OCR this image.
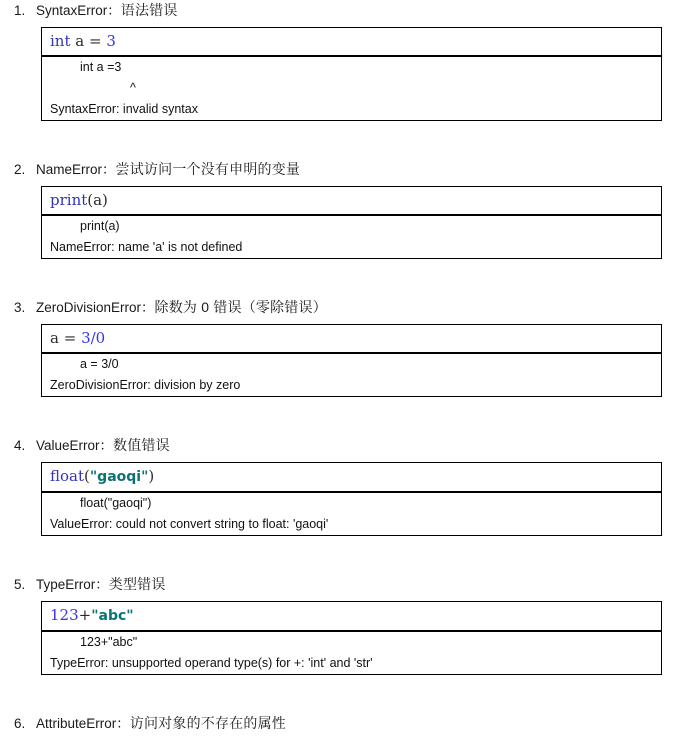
1. SyntaxError： 语法错误
int a = 3
int a =3
^
SyntaxError: invalid syntax
2. NameError： 尝试访问一个没有申明的变量
print(a)
print(a)
NameError: name 'a' is not defined
3. ZeroDivisionError： 除数为 0 错误（零除错误）
a = 3/0
a = 3/0
ZeroDivisionError: division by zero
4. ValueError： 数值错误
float("gaoqi")
float("gaoqi")
ValueError: could not convert string to float: 'gaoqi'
5. TypeError： 类型错误
123+"abc"
123+"abc"
TypeError: unsupported operand type(s) for +: 'int' and 'str'
6. AttributeError： 访问对象的不存在的属性
